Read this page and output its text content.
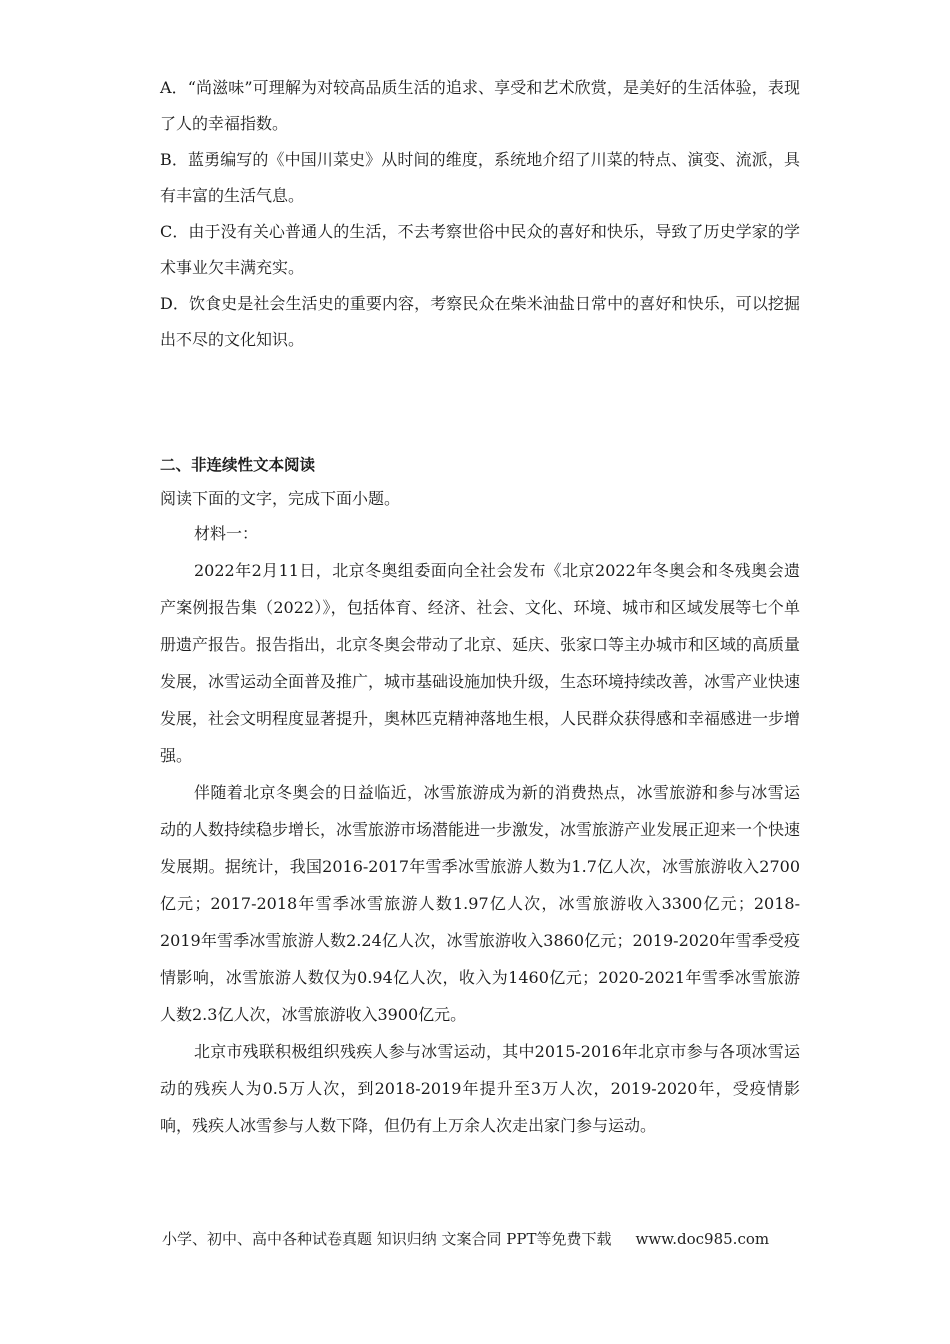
A．“尚滋味”可理解为对较高品质生活的追求、享受和艺术欣赏，是美好的生活体验，表现了人的幸福指数。

B．蓝勇编写的《中国川菜史》从时间的维度，系统地介绍了川菜的特点、演变、流派，具有丰富的生活气息。

C．由于没有关心普通人的生活，不去考察世俗中民众的喜好和快乐，导致了历史学家的学术事业欠丰满充实。

D．饮食史是社会生活史的重要内容，考察民众在柴米油盐日常中的喜好和快乐，可以挖掘出不尽的文化知识。

二、非连续性文本阅读

阅读下面的文字，完成下面小题。

材料一：

2022年2月11日，北京冬奥组委面向全社会发布《北京2022年冬奥会和冬残奥会遗产案例报告集（2022）》，包括体育、经济、社会、文化、环境、城市和区域发展等七个单册遗产报告。报告指出，北京冬奥会带动了北京、延庆、张家口等主办城市和区域的高质量发展，冰雪运动全面普及推广，城市基础设施加快升级，生态环境持续改善，冰雪产业快速发展，社会文明程度显著提升，奥林匹克精神落地生根，人民群众获得感和幸福感进一步增强。

伴随着北京冬奥会的日益临近，冰雪旅游成为新的消费热点，冰雪旅游和参与冰雪运动的人数持续稳步增长，冰雪旅游市场潜能进一步激发，冰雪旅游产业发展正迎来一个快速发展期。据统计，我国2016-2017年雪季冰雪旅游人数为1.7亿人次，冰雪旅游收入2700亿元；2017-2018年雪季冰雪旅游人数1.97亿人次，冰雪旅游收入3300亿元；2018-2019年雪季冰雪旅游人数2.24亿人次，冰雪旅游收入3860亿元；2019-2020年雪季受疫情影响，冰雪旅游人数仅为0.94亿人次，收入为1460亿元；2020-2021年雪季冰雪旅游人数2.3亿人次，冰雪旅游收入3900亿元。

北京市残联积极组织残疾人参与冰雪运动，其中2015-2016年北京市参与各项冰雪运动的残疾人为0.5万人次，到2018-2019年提升至3万人次，2019-2020年，受疫情影响，残疾人冰雪参与人数下降，但仍有上万余人次走出家门参与运动。

小学、初中、高中各种试卷真题 知识归纳 文案合同 PPT等免费下载 www.doc985.com
